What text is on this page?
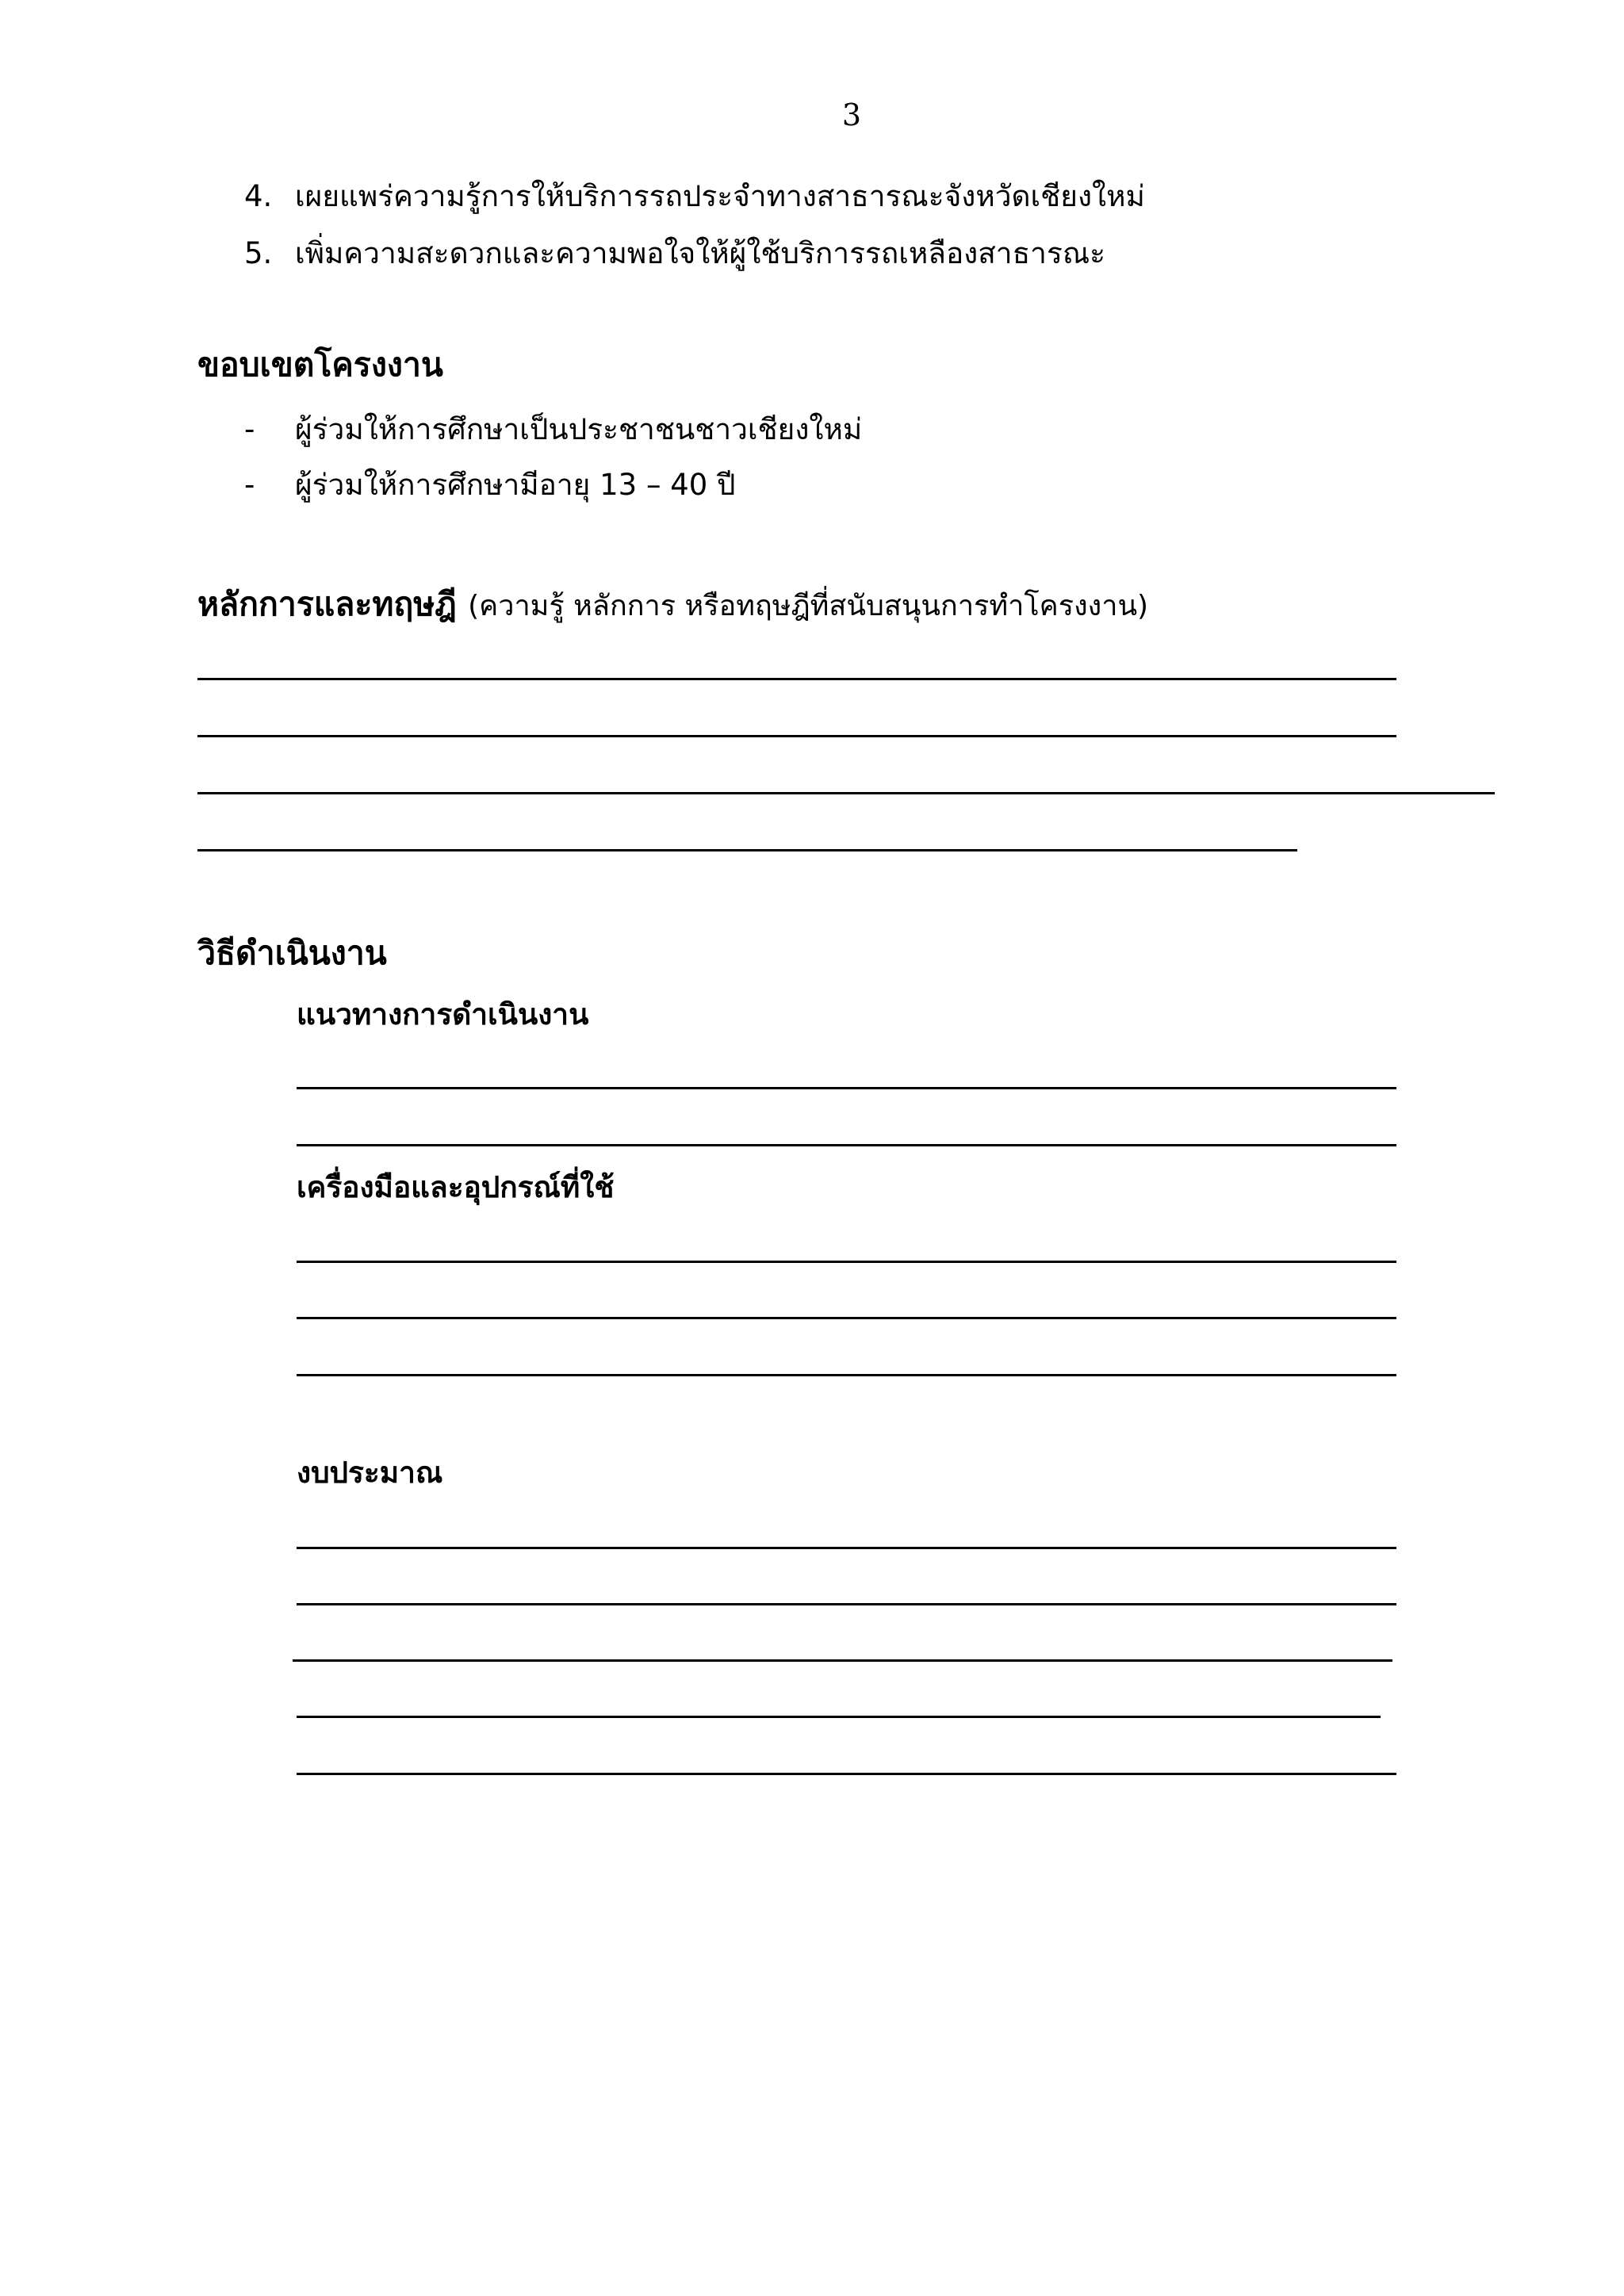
3
4. เผยแพร่ความรู้การให้บริการรถประจำทางสาธารณะจังหวัดเชียงใหม่
5. เพิ่มความสะดวกและความพอใจให้ผู้ใช้บริการรถเหลืองสาธารณะ
ขอบเขตโครงงาน
-	ผู้ร่วมให้การศึกษาเป็นประชาชนชาวเชียงใหม่
-	ผู้ร่วมให้การศึกษามีอายุ 13 – 40 ปี
หลักการและทฤษฎี (ความรู้ หลักการ หรือทฤษฎีที่สนับสนุนการทำโครงงาน)
วิธีดำเนินงาน
แนวทางการดำเนินงาน
เครื่องมือและอุปกรณ์ที่ใช้
งบประมาณ
